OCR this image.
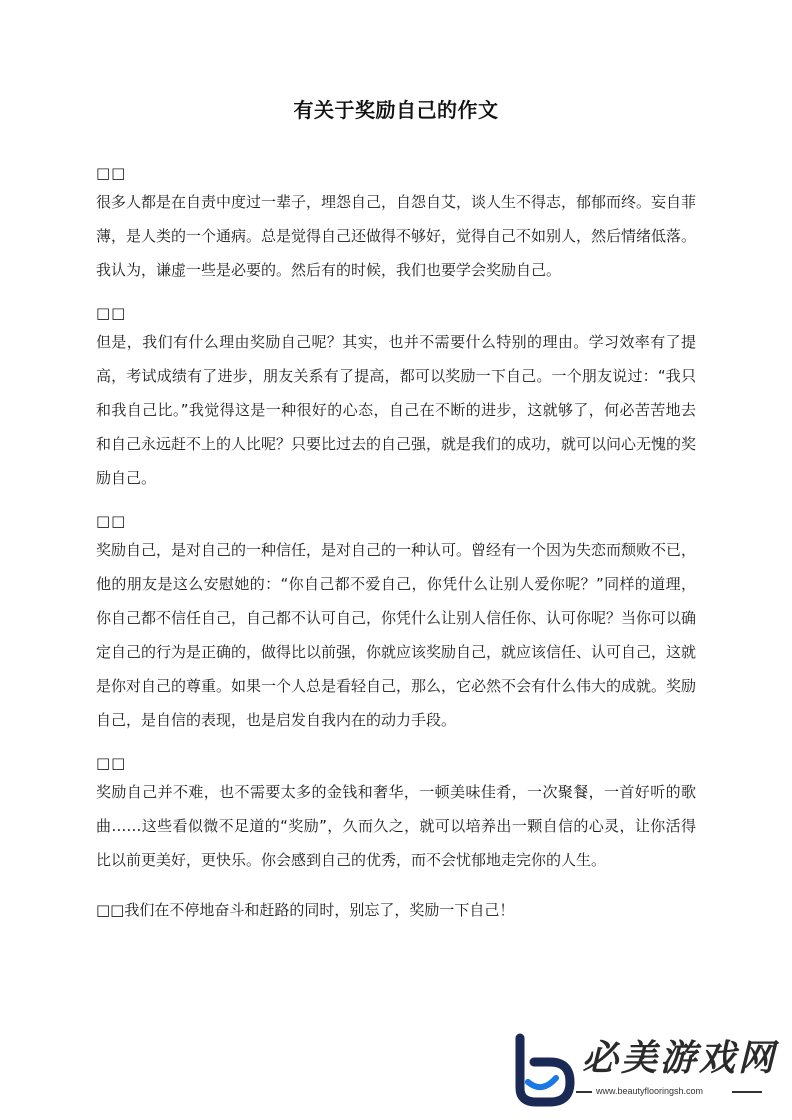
有关于奖励自己的作文
□□

很多人都是在自责中度过一辈子，埋怨自己，自怨自艾，谈人生不得志，郁郁而终。妄自菲薄，是人类的一个通病。总是觉得自己还做得不够好，觉得自己不如别人，然后情绪低落。我认为，谦虚一些是必要的。然后有的时候，我们也要学会奖励自己。

□□

但是，我们有什么理由奖励自己呢？其实，也并不需要什么特别的理由。学习效率有了提高，考试成绩有了进步，朋友关系有了提高，都可以奖励一下自己。一个朋友说过：“我只和我自己比。”我觉得这是一种很好的心态，自己在不断的进步，这就够了，何必苦苦地去和自己永远赶不上的人比呢？只要比过去的自己强，就是我们的成功，就可以问心无愧的奖励自己。

□□

奖励自己，是对自己的一种信任，是对自己的一种认可。曾经有一个因为失恋而颓败不已，他的朋友是这么安慰她的：“你自己都不爱自己，你凭什么让别人爱你呢？”同样的道理，你自己都不信任自己，自己都不认可自己，你凭什么让别人信任你、认可你呢？当你可以确定自己的行为是正确的，做得比以前强，你就应该奖励自己，就应该信任、认可自己，这就是你对自己的尊重。如果一个人总是看轻自己，那么，它必然不会有什么伟大的成就。奖励自己，是自信的表现，也是启发自我内在的动力手段。

□□

奖励自己并不难，也不需要太多的金钱和奢华，一顿美味佳肴，一次聚餐，一首好听的歌曲……这些看似微不足道的“奖励”，久而久之，就可以培养出一颗自信的心灵，让你活得比以前更美好，更快乐。你会感到自己的优秀，而不会忧郁地走完你的人生。

□□我们在不停地奋斗和赶路的同时，别忘了，奖励一下自己！

必美游戏网
www.beautyflooringsh.com
